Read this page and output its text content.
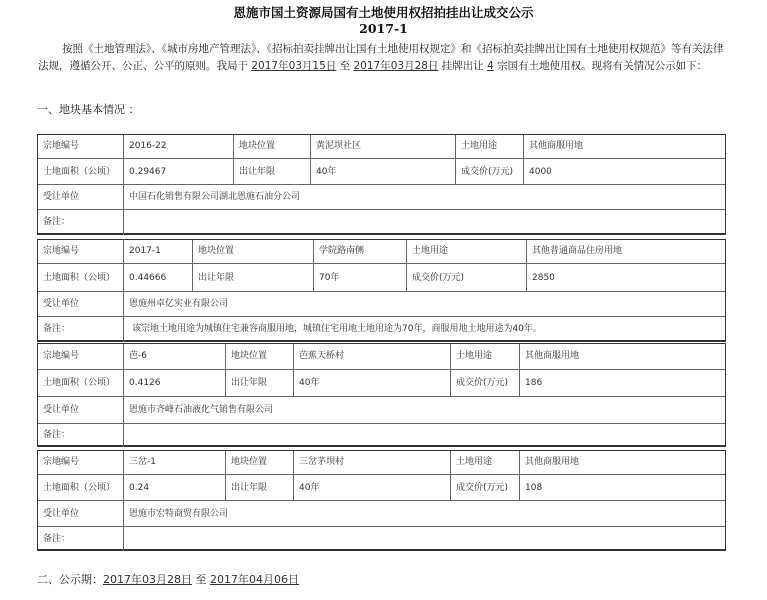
恩施市国土资源局国有土地使用权招拍挂出让成交公示
2017-1
按照《土地管理法》、《城市房地产管理法》、《招标拍卖挂牌出让国有土地使用权规定》和《招标拍卖挂牌出让国有土地使用权规范》等有关法律法规，遵循公开、公正、公平的原则。我局于 2017年03月15日 至 2017年03月28日 挂牌出让 4 宗国有土地使用权。现将有关情况公示如下：
一、地块基本情况 ：
宗地编号	2016-22	地块位置	黄泥坝社区	土地用途	其他商服用地
土地面积（公顷）	0.29467	出让年限	40年	成交价(万元)	4000
受让单位	中国石化销售有限公司湖北恩施石油分公司
备注：
宗地编号	2017-1	地块位置	学院路南侧	土地用途	其他普通商品住房用地
土地面积（公顷）	0.44666	出让年限	70年	成交价(万元)	2850
受让单位	恩施州卓亿实业有限公司
备注：	该宗地土地用途为城镇住宅兼容商服用地，城镇住宅用地土地用途为70年，商服用地土地用途为40年。
宗地编号	芭-6	地块位置	芭蕉天桥村	土地用途	其他商服用地
土地面积（公顷）	0.4126	出让年限	40年	成交价(万元)	186
受让单位	恩施市齐峰石油液化气销售有限公司
备注：
宗地编号	三岔-1	地块位置	三岔茅坝村	土地用途	其他商服用地
土地面积（公顷）	0.24	出让年限	40年	成交价(万元)	108
受让单位	恩施市宏特商贸有限公司
备注：
二、公示期：2017年03月28日 至 2017年04月06日
